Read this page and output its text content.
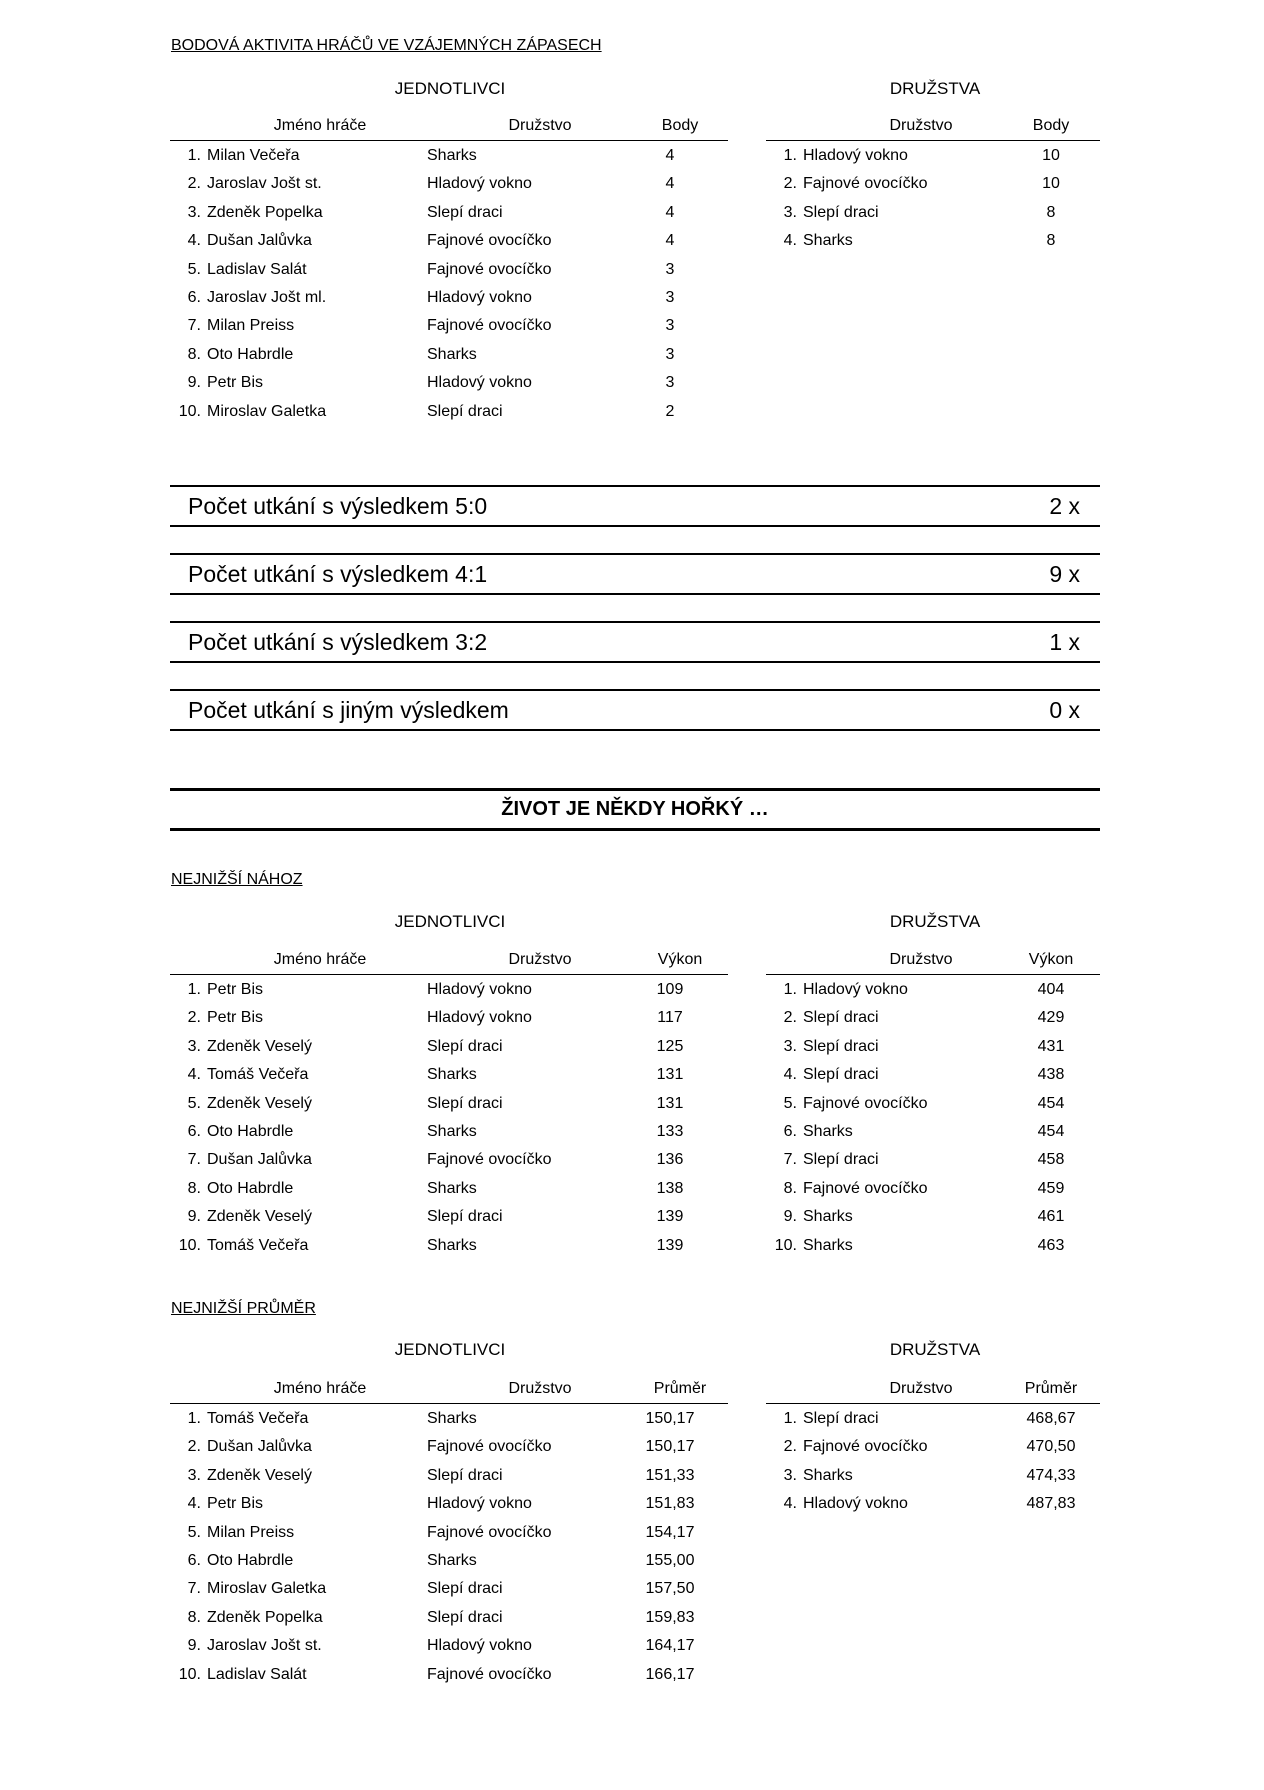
BODOVÁ AKTIVITA HRÁČŮ VE VZÁJEMNÝCH ZÁPASECH
JEDNOTLIVCI	DRUŽSTVA
Jméno hráče	Družstvo	Body
1. Milan Večeřa	Sharks	4
2. Jaroslav Jošt st.	Hladový vokno	4
3. Zdeněk Popelka	Slepí draci	4
4. Dušan Jalůvka	Fajnové ovocíčko	4
5. Ladislav Salát	Fajnové ovocíčko	3
6. Jaroslav Jošt ml.	Hladový vokno	3
7. Milan Preiss	Fajnové ovocíčko	3
8. Oto Habrdle	Sharks	3
9. Petr Bis	Hladový vokno	3
10. Miroslav Galetka	Slepí draci	2
Družstvo	Body
1. Hladový vokno	10
2. Fajnové ovocíčko	10
3. Slepí draci	8
4. Sharks	8
Počet utkání s výsledkem 5:0	2 x
Počet utkání s výsledkem 4:1	9 x
Počet utkání s výsledkem 3:2	1 x
Počet utkání s jiným výsledkem	0 x
ŽIVOT JE NĚKDY HOŘKÝ …
NEJNIŽŠÍ NÁHOZ
JEDNOTLIVCI	DRUŽSTVA
Jméno hráče	Družstvo	Výkon
1. Petr Bis	Hladový vokno	109
2. Petr Bis	Hladový vokno	117
3. Zdeněk Veselý	Slepí draci	125
4. Tomáš Večeřa	Sharks	131
5. Zdeněk Veselý	Slepí draci	131
6. Oto Habrdle	Sharks	133
7. Dušan Jalůvka	Fajnové ovocíčko	136
8. Oto Habrdle	Sharks	138
9. Zdeněk Veselý	Slepí draci	139
10. Tomáš Večeřa	Sharks	139
Družstvo	Výkon
1. Hladový vokno	404
2. Slepí draci	429
3. Slepí draci	431
4. Slepí draci	438
5. Fajnové ovocíčko	454
6. Sharks	454
7. Slepí draci	458
8. Fajnové ovocíčko	459
9. Sharks	461
10. Sharks	463
NEJNIŽŠÍ PRŮMĚR
JEDNOTLIVCI	DRUŽSTVA
Jméno hráče	Družstvo	Průměr
1. Tomáš Večeřa	Sharks	150,17
2. Dušan Jalůvka	Fajnové ovocíčko	150,17
3. Zdeněk Veselý	Slepí draci	151,33
4. Petr Bis	Hladový vokno	151,83
5. Milan Preiss	Fajnové ovocíčko	154,17
6. Oto Habrdle	Sharks	155,00
7. Miroslav Galetka	Slepí draci	157,50
8. Zdeněk Popelka	Slepí draci	159,83
9. Jaroslav Jošt st.	Hladový vokno	164,17
10. Ladislav Salát	Fajnové ovocíčko	166,17
Družstvo	Průměr
1. Slepí draci	468,67
2. Fajnové ovocíčko	470,50
3. Sharks	474,33
4. Hladový vokno	487,83
